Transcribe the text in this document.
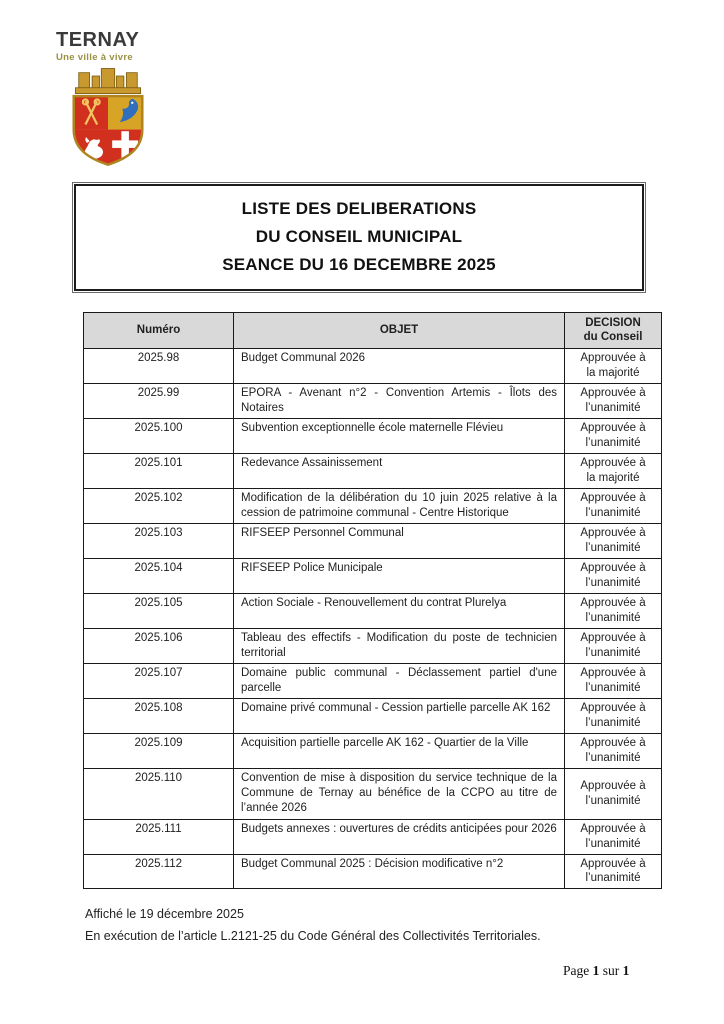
TERNAY
Une ville à vivre
LISTE DES DELIBERATIONS
DU CONSEIL MUNICIPAL
SEANCE DU 16 DECEMBRE 2025
Numéro	OBJET	DECISION
du Conseil

2025.98	Budget Communal 2026	Approuvée à
la majorité

2025.99	EPORA - Avenant n°2 - Convention Artemis - Îlots des Notaires	Approuvée à
l’unanimité

2025.100	Subvention exceptionnelle école maternelle Flévieu	Approuvée à
l’unanimité

2025.101	Redevance Assainissement	Approuvée à
la majorité

2025.102	Modification de la délibération du 10 juin 2025 relative à la cession de patrimoine communal - Centre Historique	Approuvée à
l’unanimité

2025.103	RIFSEEP Personnel Communal	Approuvée à
l’unanimité

2025.104	RIFSEEP Police Municipale	Approuvée à
l’unanimité

2025.105	Action Sociale - Renouvellement du contrat Plurelya	Approuvée à
l’unanimité

2025.106	Tableau des effectifs - Modification du poste de technicien territorial	Approuvée à
l’unanimité

2025.107	Domaine public communal - Déclassement partiel d'une parcelle	Approuvée à
l’unanimité

2025.108	Domaine privé communal - Cession partielle parcelle AK 162	Approuvée à
l’unanimité

2025.109	Acquisition partielle parcelle AK 162 - Quartier de la Ville	Approuvée à
l’unanimité

2025.110	Convention de mise à disposition du service technique de la Commune de Ternay au bénéfice de la CCPO au titre de l’année 2026	Approuvée à
l’unanimité

2025.111	Budgets annexes : ouvertures de crédits anticipées pour 2026	Approuvée à
l’unanimité

2025.112	Budget Communal 2025 : Décision modificative n°2	Approuvée à
l’unanimité
Affiché le 19 décembre 2025
En exécution de l’article L.2121-25 du Code Général des Collectivités Territoriales.
Page 1 sur 1
